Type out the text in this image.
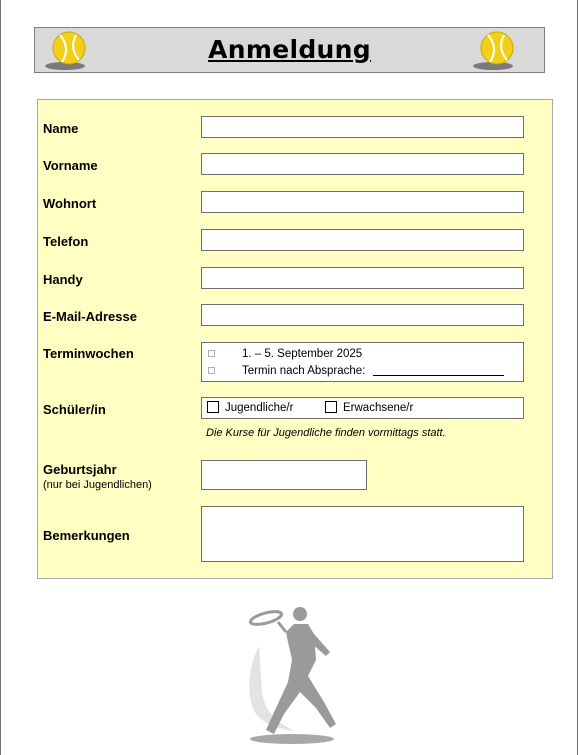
Anmeldung
Name
Vorname
Wohnort
Telefon
Handy
E-Mail-Adresse
Terminwochen	1. – 5. September 2025
Termin nach Absprache:
Schüler/in	Jugendliche/r	Erwachsene/r
Die Kurse für Jugendliche finden vormittags statt.
Geburtsjahr
(nur bei Jugendlichen)
Bemerkungen
